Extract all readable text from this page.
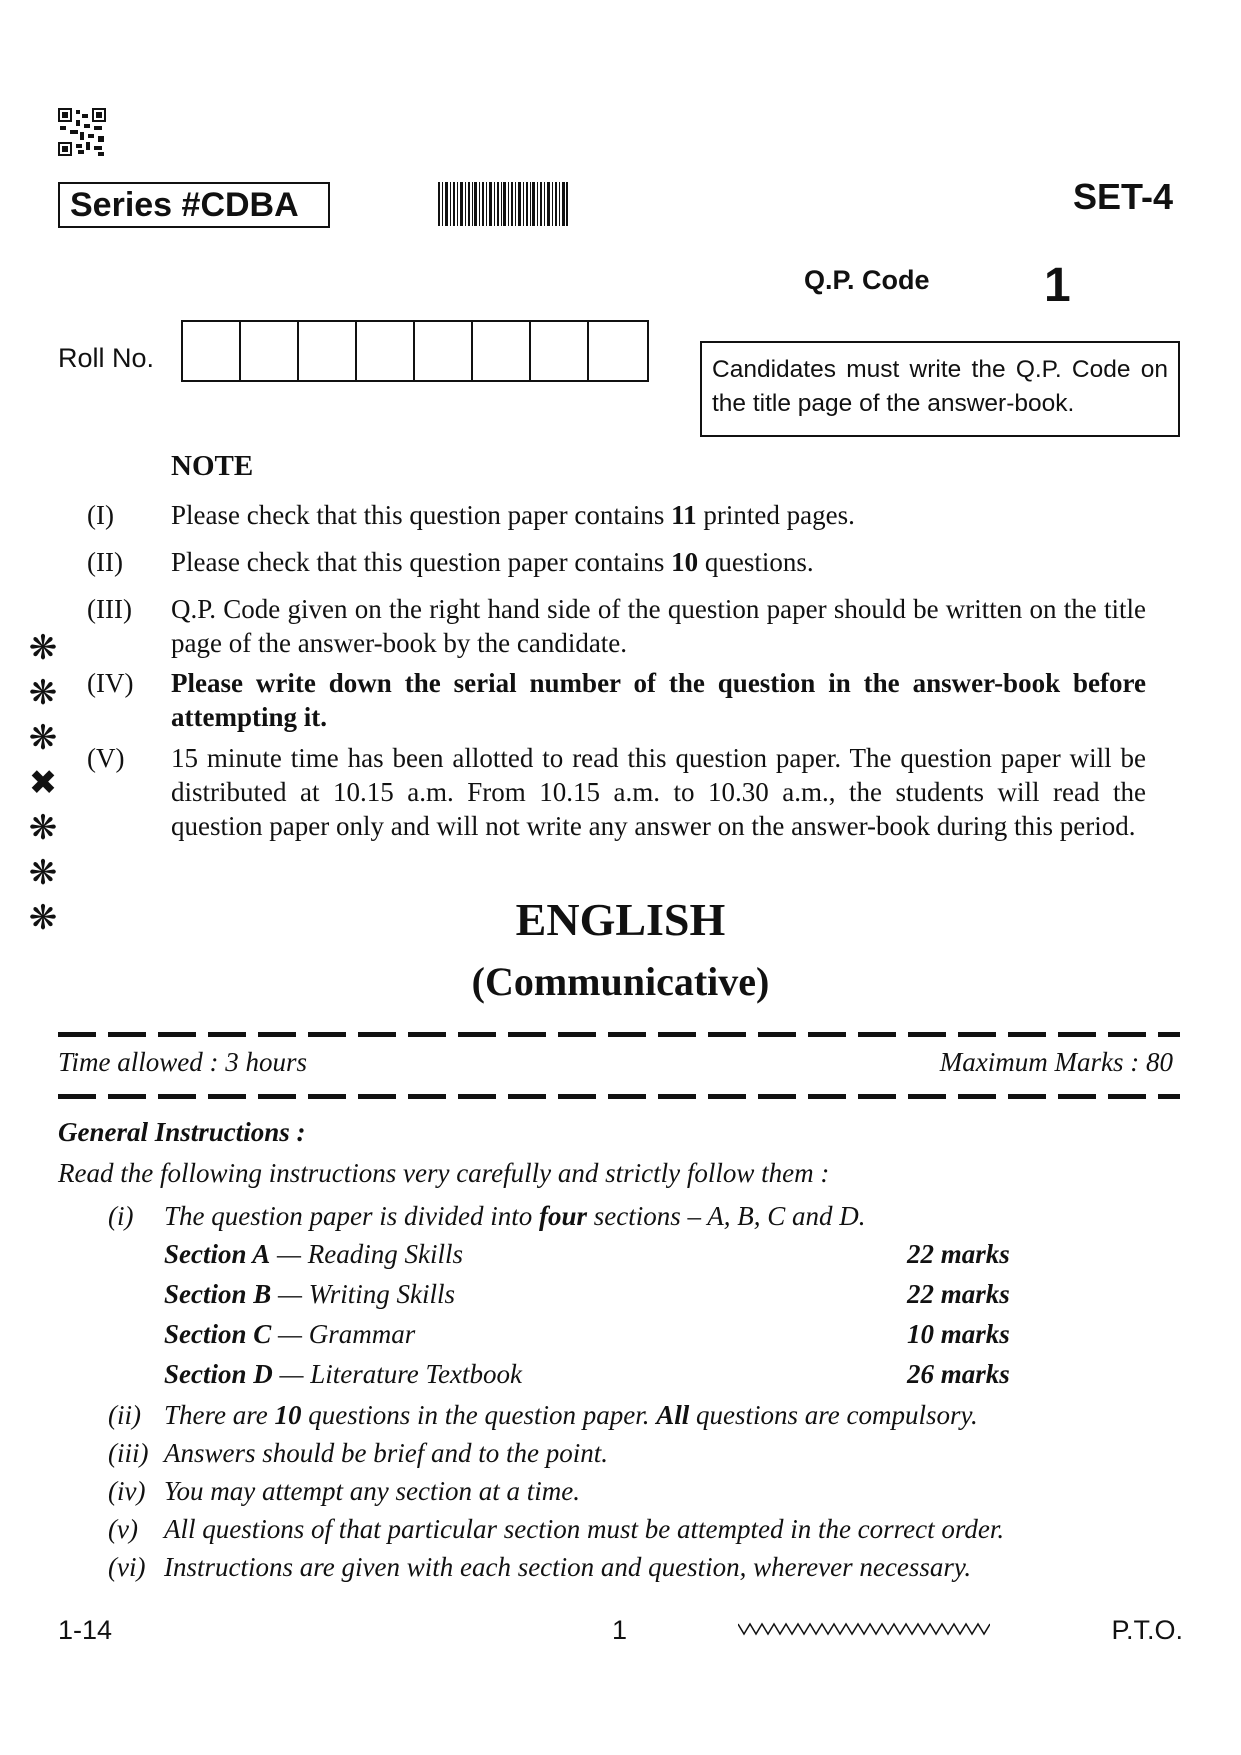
Series #CDBA	SET-4
Q.P. Code 1
Roll No.	Candidates must write the Q.P. Code on the title page of the answer-book.
NOTE
(I) Please check that this question paper contains 11 printed pages.
(II) Please check that this question paper contains 10 questions.
(III) Q.P. Code given on the right hand side of the question paper should be written on the title page of the answer-book by the candidate.
(IV) Please write down the serial number of the question in the answer-book before attempting it.
(V) 15 minute time has been allotted to read this question paper. The question paper will be distributed at 10.15 a.m. From 10.15 a.m. to 10.30 a.m., the students will read the question paper only and will not write any answer on the answer-book during this period.
❋
❋
❋
✖
❋
❋
❋	ENGLISH
(Communicative)
Time allowed : 3 hours	Maximum Marks : 80
General Instructions :
Read the following instructions very carefully and strictly follow them :
(i) The question paper is divided into four sections – A, B, C and D.
Section A — Reading Skills	22 marks
Section B — Writing Skills	22 marks
Section C — Grammar	10 marks
Section D — Literature Textbook	26 marks
(ii) There are 10 questions in the question paper. All questions are compulsory.
(iii) Answers should be brief and to the point.
(iv) You may attempt any section at a time.
(v) All questions of that particular section must be attempted in the correct order.
(vi) Instructions are given with each section and question, wherever necessary.
1-14	1	P.T.O.
